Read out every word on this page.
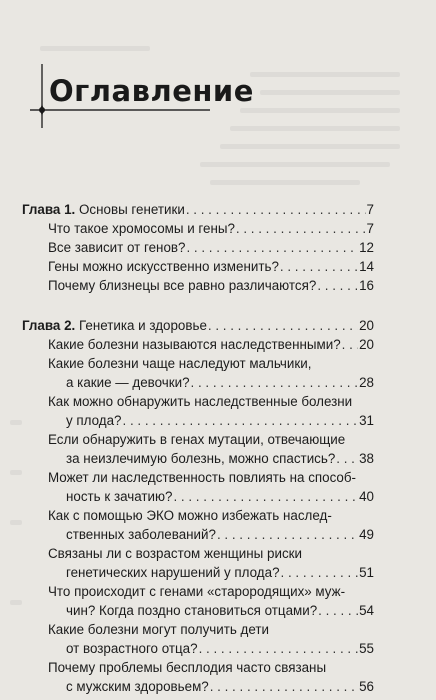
Оглавление
Глава 1. Основы генетики . . .	7
Что такое хромосомы и гены? . . .	7
Все зависит от генов? . . .	12
Гены можно искусственно изменить? . . .	14
Почему близнецы все равно различаются? . . .	16
Глава 2. Генетика и здоровье . . .	20
Какие болезни называются наследственными? . . . 20
Какие болезни чаще наследуют мальчики,
а какие — девочки? . . .	28
Как можно обнаружить наследственные болезни
у плода? . . .	31
Если обнаружить в генах мутации, отвечающие
за неизлечимую болезнь, можно спастись? . . . 38
Может ли наследственность повлиять на способ-
ность к зачатию? . . .	40
Как с помощью ЭКО можно избежать наслед-
ственных заболеваний? . . .	49
Связаны ли с возрастом женщины риски
генетических нарушений у плода? . . .	51
Что происходит с генами «старородящих» муж-
чин? Когда поздно становиться отцами? . . .	54
Какие болезни могут получить дети
от возрастного отца? . . .	55
Почему проблемы бесплодия часто связаны
с мужским здоровьем? . . .	56
